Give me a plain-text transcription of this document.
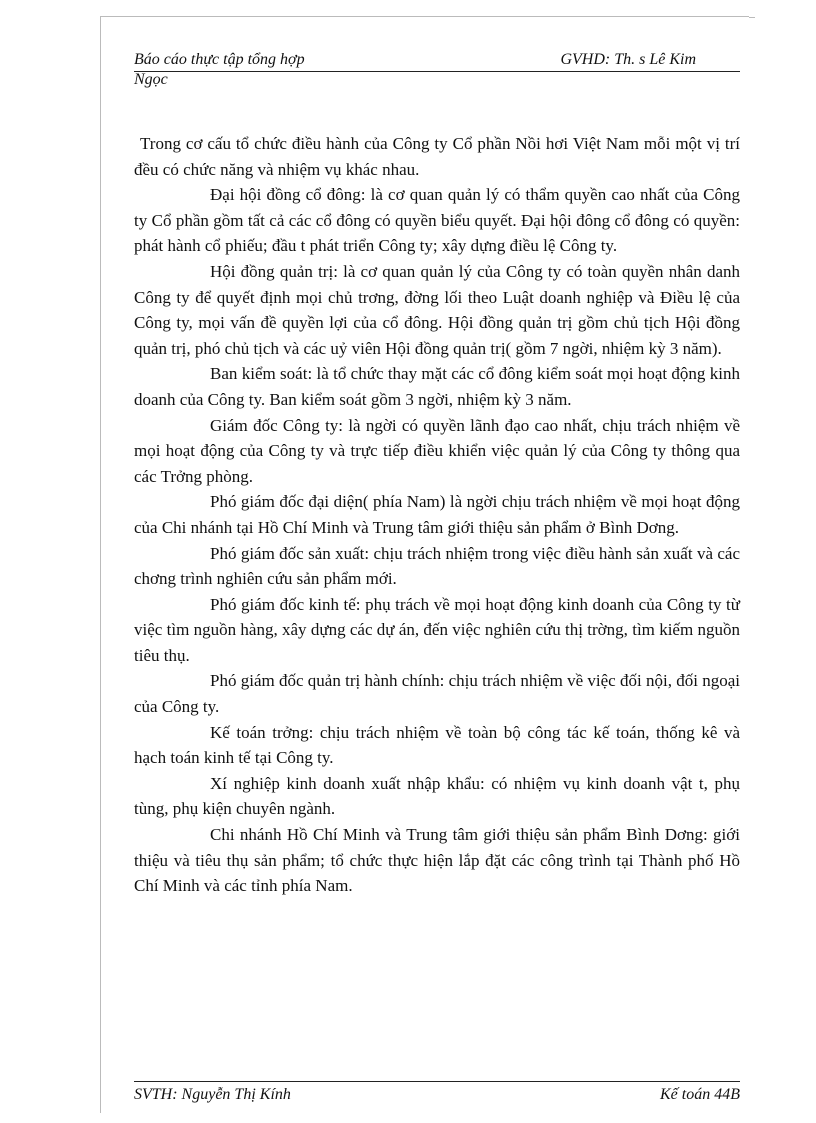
Báo cáo thực tập tổng hợp	GVHD: Th. s Lê Kim
Ngọc

Trong cơ cấu tổ chức điều hành của Công ty Cổ phần Nồi hơi Việt Nam mỗi một vị trí đều có chức năng và nhiệm vụ khác nhau.

Đại hội đồng cổ đông: là cơ quan quản lý có thẩm quyền cao nhất của Công ty Cổ phần gồm tất cả các cổ đông có quyền biểu quyết. Đại hội đông cổ đông có quyền: phát hành cổ phiếu; đầu t phát triển Công ty; xây dựng điều lệ Công ty.

Hội đồng quản trị: là cơ quan quản lý của Công ty có toàn quyền nhân danh Công ty để quyết định mọi chủ trơng, đờng lối theo Luật doanh nghiệp và Điều lệ của Công ty, mọi vấn đề quyền lợi của cổ đông. Hội đồng quản trị gồm chủ tịch Hội đồng quản trị, phó chủ tịch và các uỷ viên Hội đồng quản trị( gồm 7 ngời, nhiệm kỳ 3 năm).

Ban kiểm soát: là tổ chức thay mặt các cổ đông kiểm soát mọi hoạt động kinh doanh của Công ty. Ban kiểm soát gồm 3 ngời, nhiệm kỳ 3 năm.

Giám đốc Công ty: là ngời có quyền lãnh đạo cao nhất, chịu trách nhiệm về mọi hoạt động của Công ty và trực tiếp điều khiển việc quản lý của Công ty thông qua các Trởng phòng.

Phó giám đốc đại diện( phía Nam) là ngời chịu trách nhiệm về mọi hoạt động của Chi nhánh tại Hồ Chí Minh và Trung tâm giới thiệu sản phẩm ở Bình Dơng.

Phó giám đốc sản xuất: chịu trách nhiệm trong việc điều hành sản xuất và các chơng trình nghiên cứu sản phẩm mới.

Phó giám đốc kinh tế: phụ trách về mọi hoạt động kinh doanh của Công ty từ việc tìm nguồn hàng, xây dựng các dự án, đến việc nghiên cứu thị trờng, tìm kiếm nguồn tiêu thụ.

Phó giám đốc quản trị hành chính: chịu trách nhiệm về việc đối nội, đối ngoại của Công ty.

Kế toán trởng: chịu trách nhiệm về toàn bộ công tác kế toán, thống kê và hạch toán kinh tế tại Công ty.

Xí nghiệp kinh doanh xuất nhập khẩu: có nhiệm vụ kinh doanh vật t, phụ tùng, phụ kiện chuyên ngành.

Chi nhánh Hồ Chí Minh và Trung tâm giới thiệu sản phẩm Bình Dơng: giới thiệu và tiêu thụ sản phẩm; tổ chức thực hiện lắp đặt các công trình tại Thành phố Hồ Chí Minh và các tỉnh phía Nam.

SVTH: Nguyễn Thị Kính	Kế toán 44B
